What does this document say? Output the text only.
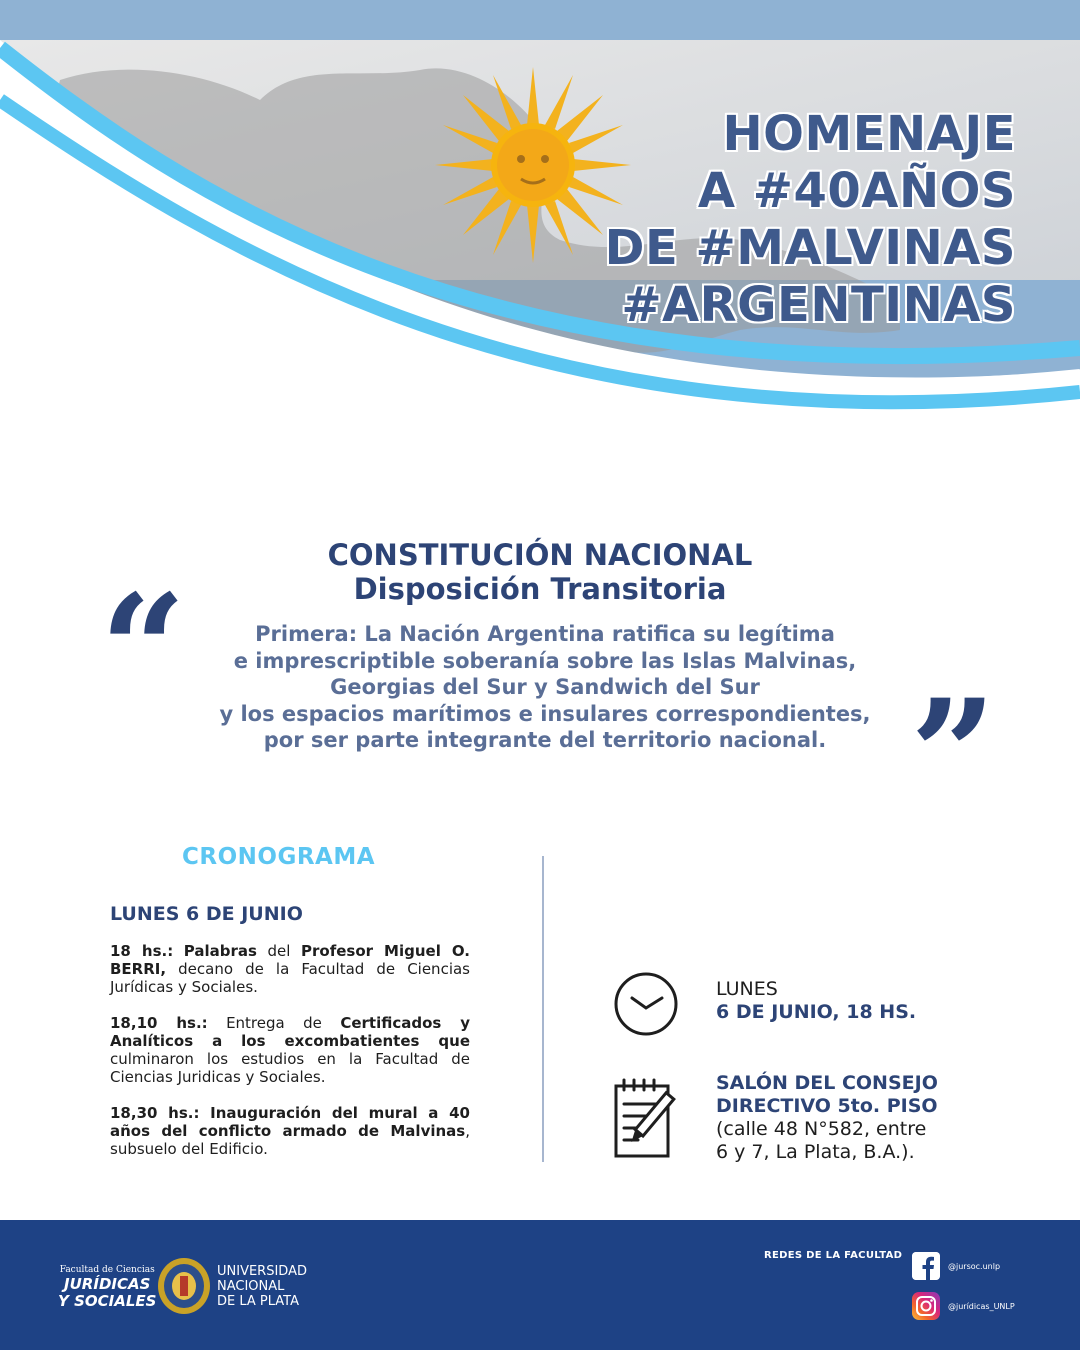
HOMENAJE
A #40AÑOS
DE #MALVINAS
#ARGENTINAS
CONSTITUCIÓN NACIONAL
Disposición Transitoria
“	Primera: La Nación Argentina ratifica su legítima
e imprescriptible soberanía sobre las Islas Malvinas,
Georgias del Sur y Sandwich del Sur
y los espacios marítimos e insulares correspondientes,
por ser parte integrante del territorio nacional. ”
CRONOGRAMA
LUNES 6 DE JUNIO

18 hs.: Palabras del Profesor Miguel O. BERRI, decano de la Facultad de Ciencias Jurídicas y Sociales.

18,10 hs.: Entrega de Certificados y Analíticos a los excombatientes que culminaron los estudios en la Facultad de Ciencias Juridicas y Sociales.

18,30 hs.: Inauguración del mural a 40 años del conflicto armado de Malvinas, subsuelo del Edificio.

LUNES
6 DE JUNIO, 18 HS.
SALÓN DEL CONSEJO
DIRECTIVO 5to. PISO
(calle 48 N°582, entre
6 y 7, La Plata, B.A.).
Facultad de Ciencias
JURÍDICAS
Y SOCIALES
UNIVERSIDAD
NACIONAL
DE LA PLATA
REDES DE LA FACULTAD
@jursoc.unlp
@jurídicas_UNLP
